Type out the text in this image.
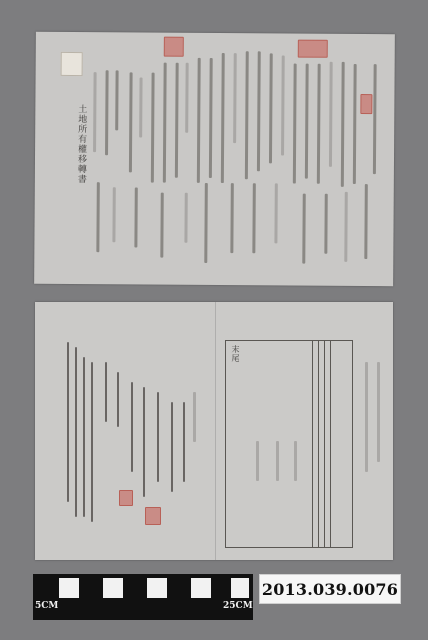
土地所有權移轉書
末尾
5CM	25CM
2013.039.0076
